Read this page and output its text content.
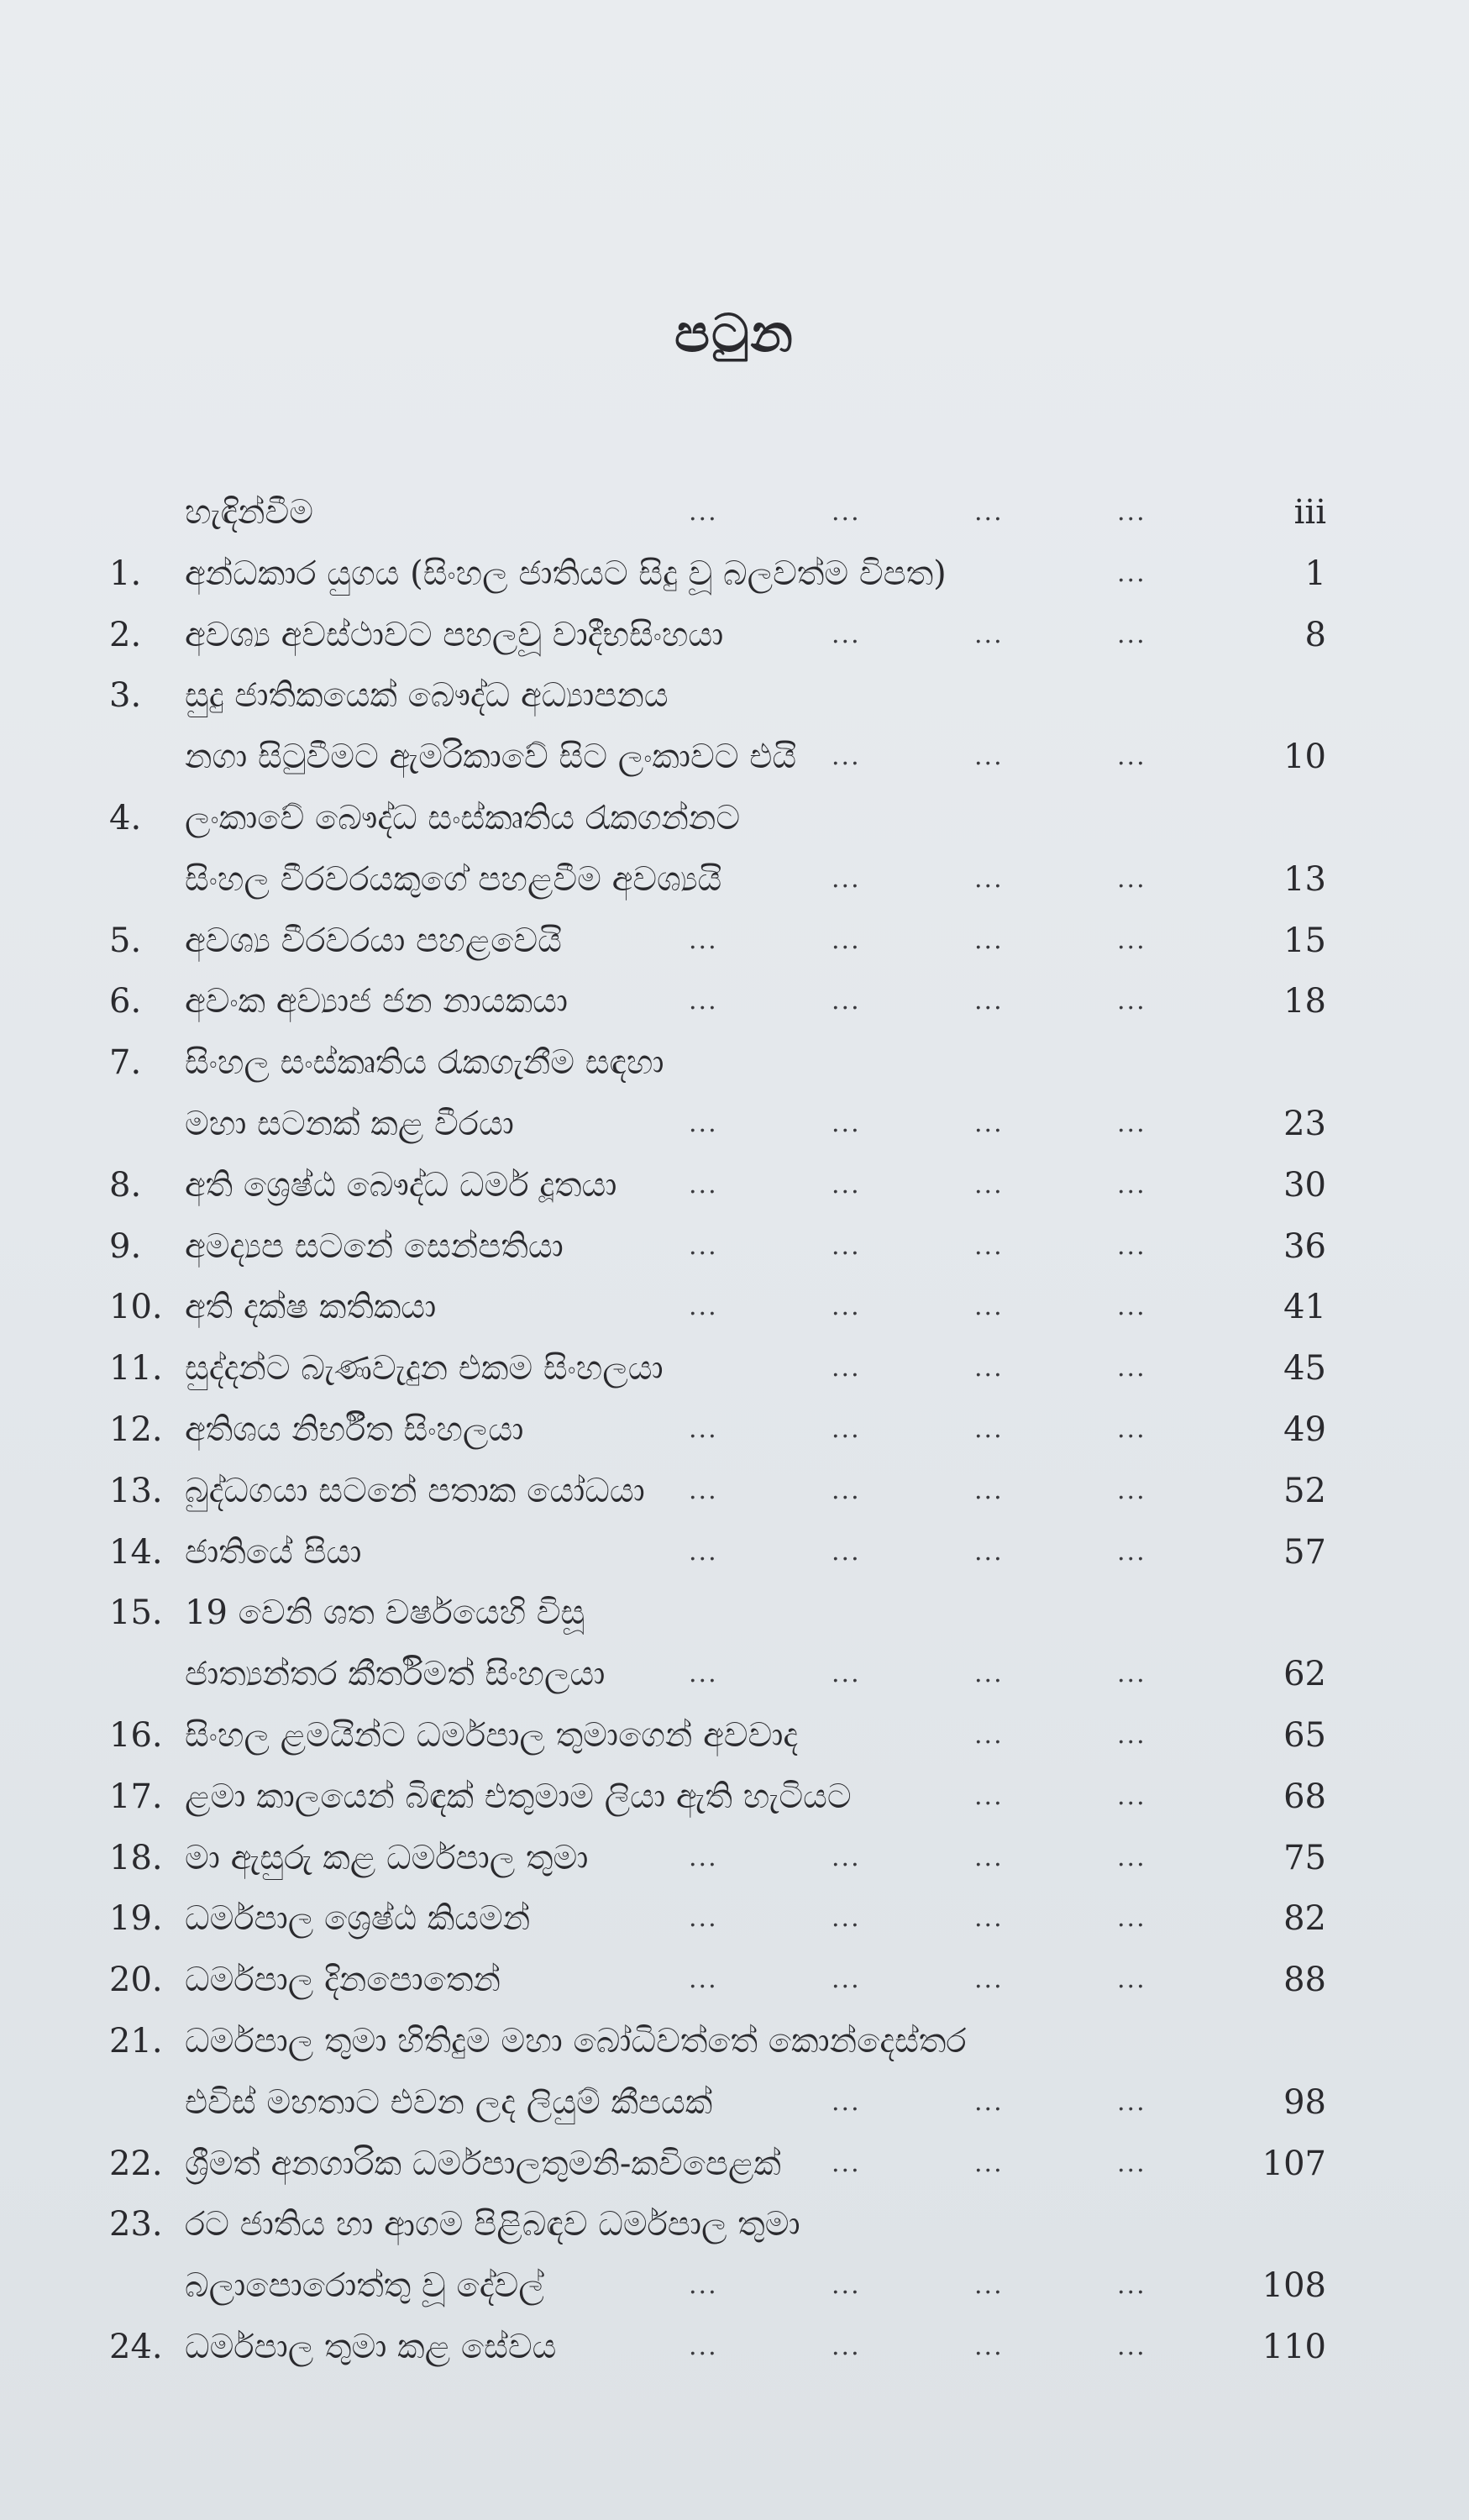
පටුන
හැඳින්වීම	...	...	...	...	iii
1.	අන්ධකාර යුගය (සිංහල ජාතියට සිදු වූ බලවත්ම විපත)	...	1
2.	අවශ්‍ය අවස්ථාවට පහලවූ වාදීභසිංහයා	...	...	...	8
3.	සුදු ජාතිකයෙක් බෞද්ධ අධ්‍යාපනය
නගා සිටුවීමට ඇමරිකාවේ සිට ලංකාවට එයි ...	...	...	10
4.	ලංකාවේ බෞද්ධ සංස්කෘතිය රැකගන්නට
සිංහල වීරවරයකුගේ පහළවීම අවශ්‍යයි	...	...	...	13
5.	අවශ්‍ය වීරවරයා පහළවෙයි	...	...	...	...	15
6.	අවංක අව්‍යාජ ජන නායකයා	...	...	...	...	18
7.	සිංහල සංස්කෘතිය රැකගැනීම සඳහා
මහා සටනක් කළ වීරයා	...	...	...	...	23
8.	අති ශ්‍රෙෂ්ඨ බෞද්ධ ධර්ම දූතයා	...	...	...	...	30
9.	අමද්‍යප සටනේ සෙන්පතියා	...	...	...	...	36
10. අති දක්ෂ කතිකයා	...	...	...	...	41
11. සුද්දන්ට බැණවැදුන එකම සිංහලයා	...	...	...	45
12. අතිශය නිර්භීත සිංහලයා	...	...	...	...	49
13. බුද්ධගයා සටනේ පතාක යෝධයා ...	...	...	...	52
14. ජාතියේ පියා	...	...	...	...	57
15. 19 වෙනි ශත වර්ෂයෙහි විසූ
ජාත්‍යන්තර කීර්තිමත් සිංහලයා	...	...	...	...	62
16. සිංහල ළමයින්ට ධර්මපාල තුමාගෙන් අවවාද	...	...	65
17. ළමා කාලයෙන් බිඳක් එතුමාම ලියා ඇති හැටියට	...	...	68
18. මා ඇසුරු කළ ධර්මපාල තුමා	...	...	...	...	75
19. ධර්මපාල ශ්‍රෙෂ්ඨ කියමන්	...	...	...	...	82
20. ධර්මපාල දිනපොතෙන්	...	...	...	...	88
21. ධර්මපාල තුමා හිතිදුම මහා බෝධිවත්තේ කොන්දෙස්තර
එවිස් මහතාට එවන ලද ලියුම් කීපයක්	...	...	...	98
22. ශ්‍රීමත් අනගාරික ධර්මපාලතුමනි-කවිපෙළක් ...	...	...	107
23. රට ජාතිය හා ආගම පිළිබඳව ධර්මපාල තුමා
බලාපොරොත්තු වූ දේවල්	...	...	...	...	108
24. ධර්මපාල තුමා කළ සේවය	...	...	...	...	110
